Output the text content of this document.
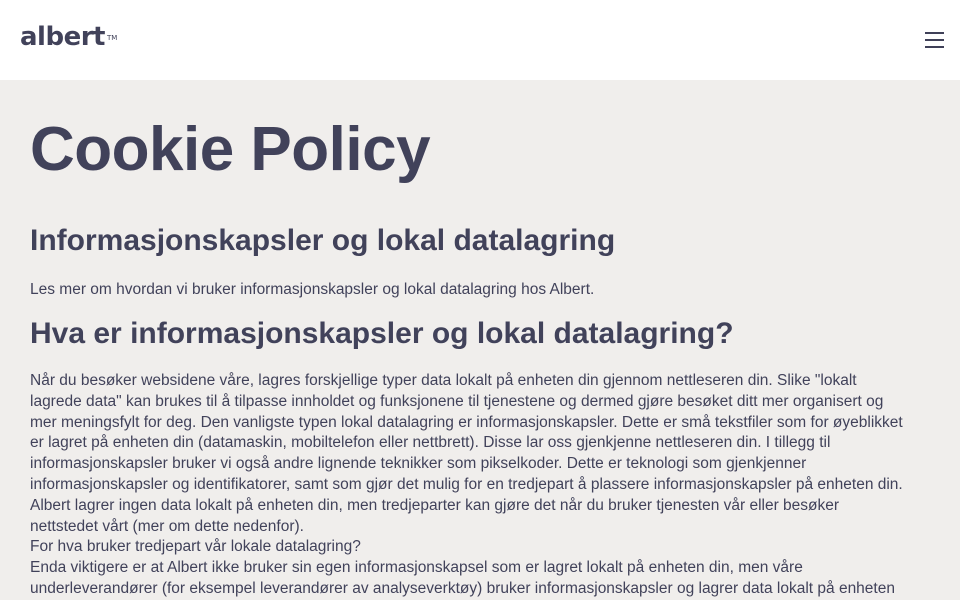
albert ™
Cookie Policy
Informasjonskapsler og lokal datalagring

Les mer om hvordan vi bruker informasjonskapsler og lokal datalagring hos Albert.

Hva er informasjonskapsler og lokal datalagring?
Når du besøker websidene våre, lagres forskjellige typer data lokalt på enheten din gjennom nettleseren din. Slike "lokalt
lagrede data" kan brukes til å tilpasse innholdet og funksjonene til tjenestene og dermed gjøre besøket ditt mer organisert og
mer meningsfylt for deg. Den vanligste typen lokal datalagring er informasjonskapsler. Dette er små tekstfiler som for øyeblikket
er lagret på enheten din (datamaskin, mobiltelefon eller nettbrett). Disse lar oss gjenkjenne nettleseren din. I tillegg til
informasjonskapsler bruker vi også andre lignende teknikker som pikselkoder. Dette er teknologi som gjenkjenner
informasjonskapsler og identifikatorer, samt som gjør det mulig for en tredjepart å plassere informasjonskapsler på enheten din.
Albert lagrer ingen data lokalt på enheten din, men tredjeparter kan gjøre det når du bruker tjenesten vår eller besøker
nettstedet vårt (mer om dette nedenfor).
For hva bruker tredjepart vår lokale datalagring?
Enda viktigere er at Albert ikke bruker sin egen informasjonskapsel som er lagret lokalt på enheten din, men våre
underleverandører (for eksempel leverandører av analyseverktøy) bruker informasjonskapsler og lagrer data lokalt på enheten
